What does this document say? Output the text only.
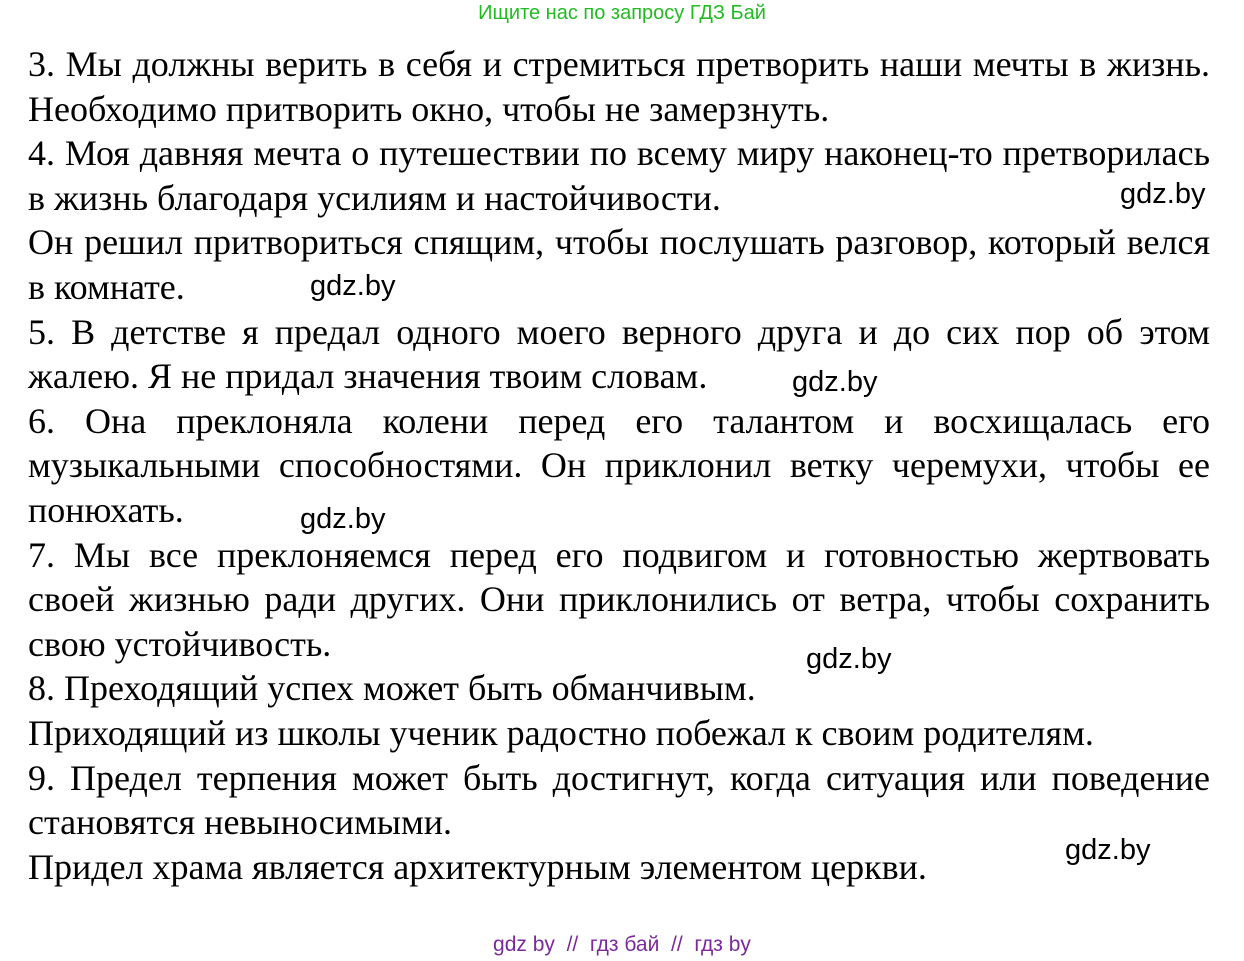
Ищите нас по запросу ГДЗ Бай

3. Мы должны верить в себя и стремиться претворить наши мечты в жизнь. Необходимо притворить окно, чтобы не замерзнуть.

4. Моя давняя мечта о путешествии по всему миру наконец-то претворилась в жизнь благодаря усилиям и настойчивости.

Он решил притвориться спящим, чтобы послушать разговор, который велся в комнате.

5. В детстве я предал одного моего верного друга и до сих пор об этом жалею. Я не придал значения твоим словам.

6. Она преклоняла колени перед его талантом и восхищалась его музыкальными способностями. Он приклонил ветку черемухи, чтобы ее понюхать.

7. Мы все преклоняемся перед его подвигом и готовностью жертвовать своей жизнью ради других. Они приклонились от ветра, чтобы сохранить свою устойчивость.

8. Преходящий успех может быть обманчивым.

Приходящий из школы ученик радостно побежал к своим родителям.

9. Предел терпения может быть достигнут, когда ситуация или поведение становятся невыносимыми.

Придел храма является архитектурным элементом церкви.

gdz.by
gdz.by
gdz.by
gdz.by
gdz.by
gdz.by
gdz by  //  гдз бай  //  гдз by
